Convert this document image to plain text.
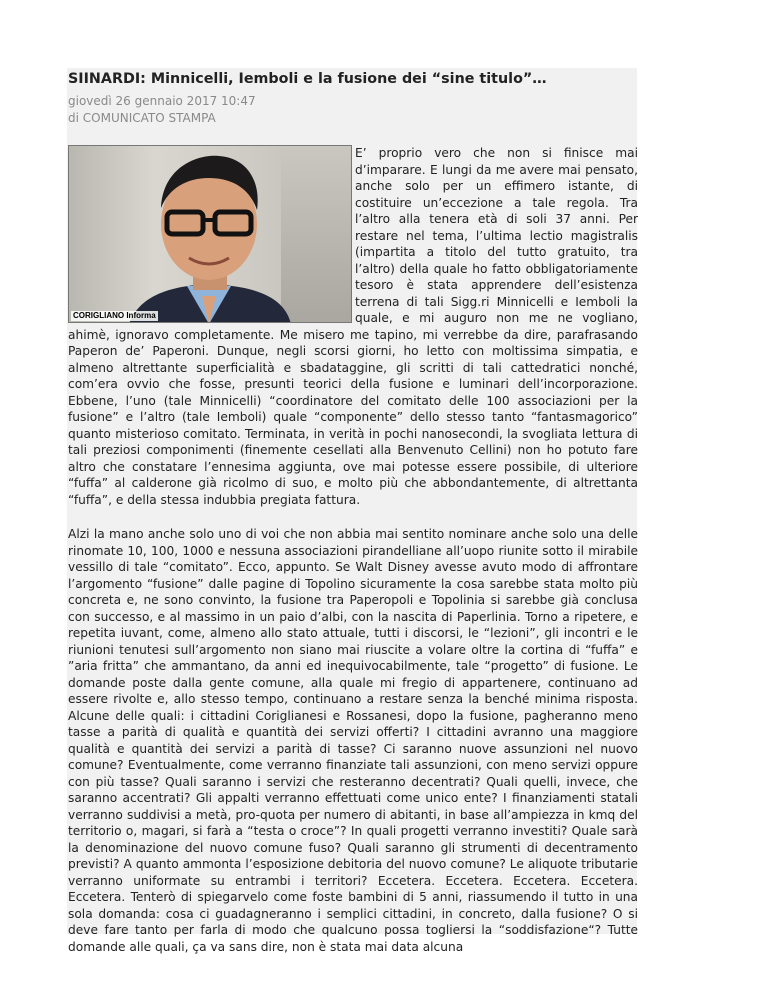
SIINARDI: Minnicelli, Iemboli e la fusione dei “sine titulo”…

giovedì 26 gennaio 2017 10:47

di COMUNICATO STAMPA

CORIGLIANO Informa

E’ proprio vero che non si finisce mai d’imparare. E lungi da me avere mai pensato, anche solo per un effimero istante, di costituire un’eccezione a tale regola. Tra l’altro alla tenera età di soli 37 anni. Per restare nel tema, l’ultima lectio magistralis (impartita a titolo del tutto gratuito, tra l’altro) della quale ho fatto obbligatoriamente tesoro è stata apprendere dell’esistenza terrena di tali Sigg.ri Minnicelli e Iemboli la quale, e mi auguro non me ne vogliano, ahimè, ignoravo completamente. Me misero me tapino, mi verrebbe da dire, parafrasando Paperon de’ Paperoni. Dunque, negli scorsi giorni, ho letto con moltissima simpatia, e almeno altrettante superficialità e sbadataggine, gli scritti di tali cattedratici nonché, com’era ovvio che fosse, presunti teorici della fusione e luminari dell’incorporazione. Ebbene, l’uno (tale Minnicelli) “coordinatore del comitato delle 100 associazioni per la fusione” e l’altro (tale Iemboli) quale “componente” dello stesso tanto “fantasmagorico” quanto misterioso comitato. Terminata, in verità in pochi nanosecondi, la svogliata lettura di tali preziosi componimenti (finemente cesellati alla Benvenuto Cellini) non ho potuto fare altro che constatare l’ennesima aggiunta, ove mai potesse essere possibile, di ulteriore “fuffa” al calderone già ricolmo di suo, e molto più che abbondantemente, di altrettanta “fuffa”, e della stessa indubbia pregiata fattura.

Alzi la mano anche solo uno di voi che non abbia mai sentito nominare anche solo una delle rinomate 10, 100, 1000 e nessuna associazioni pirandelliane all’uopo riunite sotto il mirabile vessillo di tale “comitato”. Ecco, appunto. Se Walt Disney avesse avuto modo di affrontare l’argomento “fusione” dalle pagine di Topolino sicuramente la cosa sarebbe stata molto più concreta e, ne sono convinto, la fusione tra Paperopoli e Topolinia si sarebbe già conclusa con successo, e al massimo in un paio d’albi, con la nascita di Paperlinia. Torno a ripetere, e repetita iuvant, come, almeno allo stato attuale, tutti i discorsi, le “lezioni”, gli incontri e le riunioni tenutesi sull’argomento non siano mai riuscite a volare oltre la cortina di “fuffa” e ”aria fritta” che ammantano, da anni ed inequivocabilmente, tale “progetto” di fusione. Le domande poste dalla gente comune, alla quale mi fregio di appartenere, continuano ad essere rivolte e, allo stesso tempo, continuano a restare senza la benché minima risposta. Alcune delle quali: i cittadini Coriglianesi e Rossanesi, dopo la fusione, pagheranno meno tasse a parità di qualità e quantità dei servizi offerti? I cittadini avranno una maggiore qualità e quantità dei servizi a parità di tasse? Ci saranno nuove assunzioni nel nuovo comune? Eventualmente, come verranno finanziate tali assunzioni, con meno servizi oppure con più tasse? Quali saranno i servizi che resteranno decentrati? Quali quelli, invece, che saranno accentrati? Gli appalti verranno effettuati come unico ente? I finanziamenti statali verranno suddivisi a metà, pro-quota per numero di abitanti, in base all’ampiezza in kmq del territorio o, magari, si farà a “testa o croce”? In quali progetti verranno investiti? Quale sarà la denominazione del nuovo comune fuso? Quali saranno gli strumenti di decentramento previsti? A quanto ammonta l’esposizione debitoria del nuovo comune? Le aliquote tributarie verranno uniformate su entrambi i territori? Eccetera. Eccetera. Eccetera. Eccetera. Eccetera. Tenterò di spiegarvelo come foste bambini di 5 anni, riassumendo il tutto in una sola domanda: cosa ci guadagneranno i semplici cittadini, in concreto, dalla fusione? O si deve fare tanto per farla di modo che qualcuno possa togliersi la “soddisfazione“? Tutte domande alle quali, ça va sans dire, non è stata mai data alcuna
